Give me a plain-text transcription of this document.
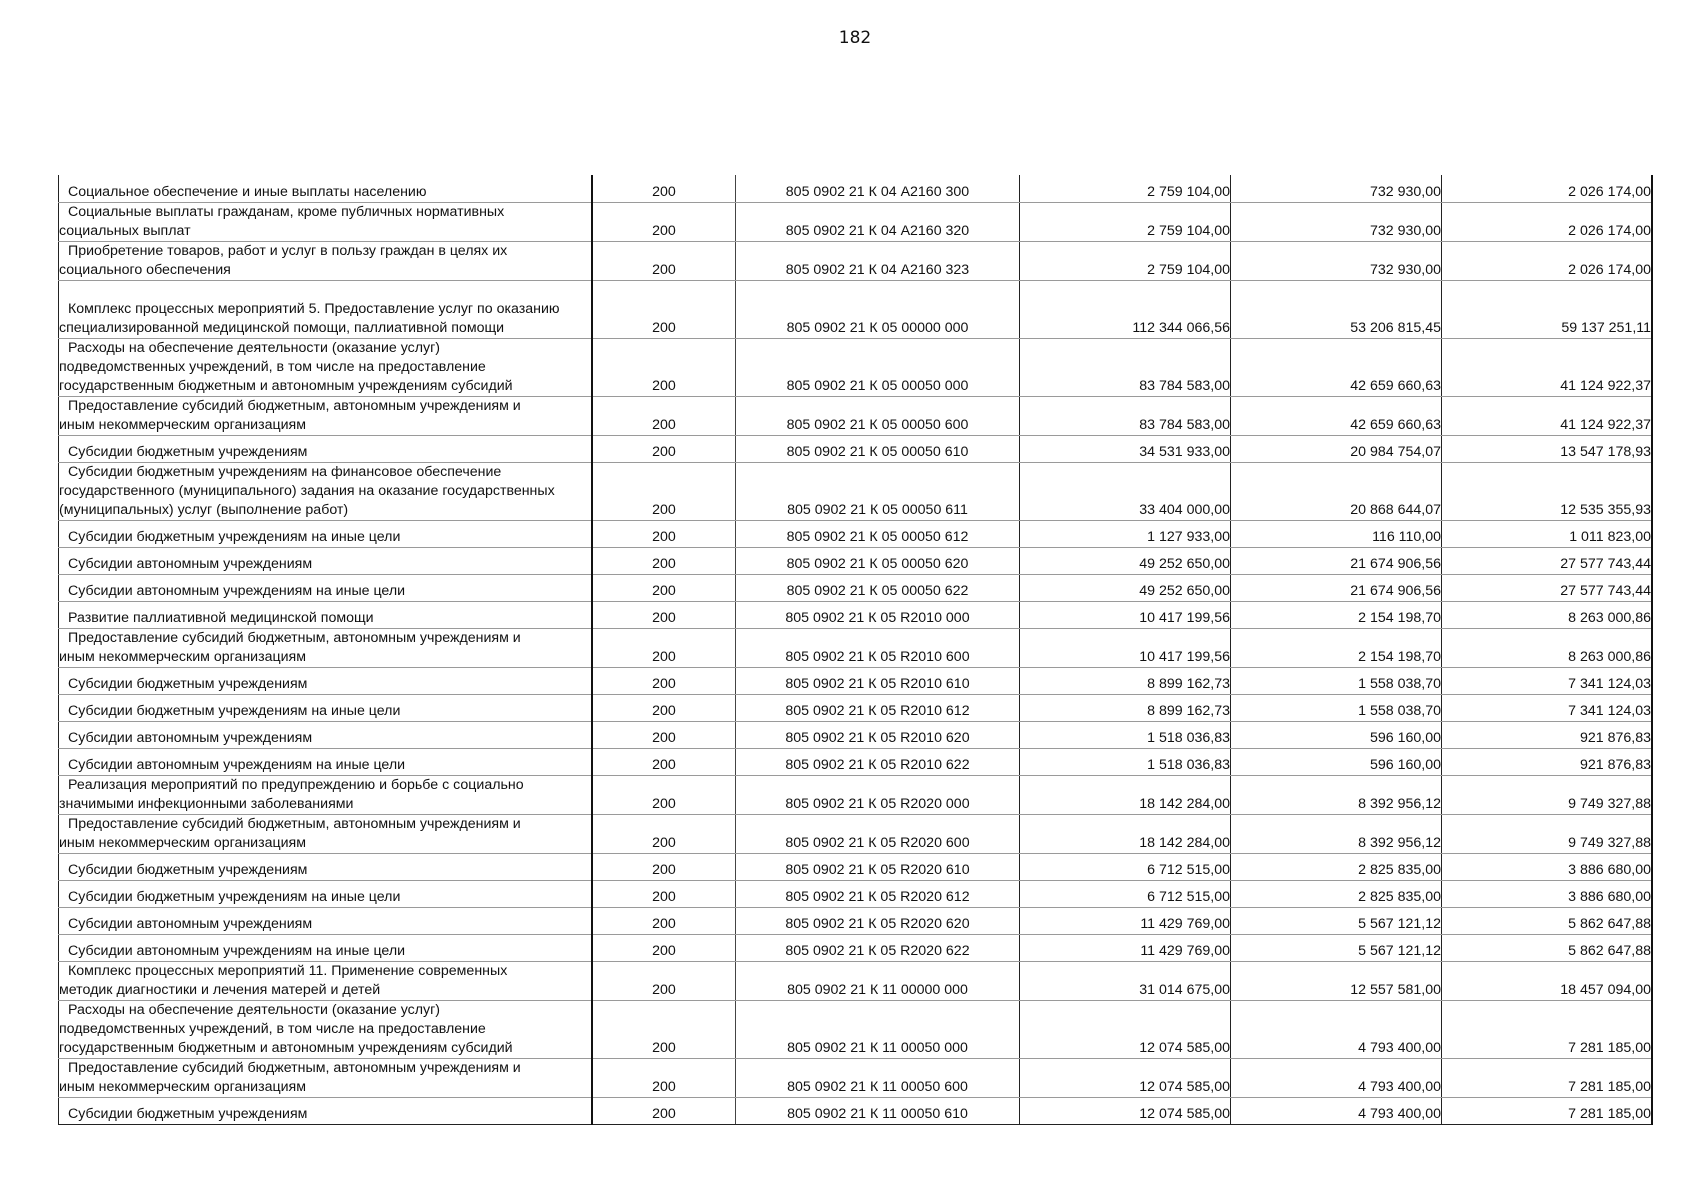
182
Социальное обеспечение и иные выплаты населению	200	805 0902 21 К 04 А2160 300	2 759 104,00	732 930,00	2 026 174,00

Социальные выплаты гражданам, кроме публичных нормативных
социальных выплат	200	805 0902 21 К 04 А2160 320	2 759 104,00	732 930,00	2 026 174,00

Приобретение товаров, работ и услуг в пользу граждан в целях их
социального обеспечения	200	805 0902 21 К 04 А2160 323	2 759 104,00	732 930,00	2 026 174,00

Комплекс процессных мероприятий 5. Предоставление услуг по оказанию
специализированной медицинской помощи, паллиативной помощи	200	805 0902 21 К 05 00000 000	112 344 066,56	53 206 815,45	59 137 251,11

Расходы на обеспечение деятельности (оказание услуг)
подведомственных учреждений, в том числе на предоставление
государственным бюджетным и автономным учреждениям субсидий	200	805 0902 21 К 05 00050 000	83 784 583,00	42 659 660,63	41 124 922,37

Предоставление субсидий бюджетным, автономным учреждениям и
иным некоммерческим организациям	200	805 0902 21 К 05 00050 600	83 784 583,00	42 659 660,63	41 124 922,37

Субсидии бюджетным учреждениям	200	805 0902 21 К 05 00050 610	34 531 933,00	20 984 754,07	13 547 178,93

Субсидии бюджетным учреждениям на финансовое обеспечение
государственного (муниципального) задания на оказание государственных
(муниципальных) услуг (выполнение работ)	200	805 0902 21 К 05 00050 611	33 404 000,00	20 868 644,07	12 535 355,93

Субсидии бюджетным учреждениям на иные цели	200	805 0902 21 К 05 00050 612	1 127 933,00	116 110,00	1 011 823,00

Субсидии автономным учреждениям	200	805 0902 21 К 05 00050 620	49 252 650,00	21 674 906,56	27 577 743,44

Субсидии автономным учреждениям на иные цели	200	805 0902 21 К 05 00050 622	49 252 650,00	21 674 906,56	27 577 743,44

Развитие паллиативной медицинской помощи	200	805 0902 21 К 05 R2010 000	10 417 199,56	2 154 198,70	8 263 000,86

Предоставление субсидий бюджетным, автономным учреждениям и
иным некоммерческим организациям	200	805 0902 21 К 05 R2010 600	10 417 199,56	2 154 198,70	8 263 000,86

Субсидии бюджетным учреждениям	200	805 0902 21 К 05 R2010 610	8 899 162,73	1 558 038,70	7 341 124,03

Субсидии бюджетным учреждениям на иные цели	200	805 0902 21 К 05 R2010 612	8 899 162,73	1 558 038,70	7 341 124,03

Субсидии автономным учреждениям	200	805 0902 21 К 05 R2010 620	1 518 036,83	596 160,00	921 876,83

Субсидии автономным учреждениям на иные цели	200	805 0902 21 К 05 R2010 622	1 518 036,83	596 160,00	921 876,83

Реализация мероприятий по предупреждению и борьбе с социально
значимыми инфекционными заболеваниями	200	805 0902 21 К 05 R2020 000	18 142 284,00	8 392 956,12	9 749 327,88

Предоставление субсидий бюджетным, автономным учреждениям и
иным некоммерческим организациям	200	805 0902 21 К 05 R2020 600	18 142 284,00	8 392 956,12	9 749 327,88

Субсидии бюджетным учреждениям	200	805 0902 21 К 05 R2020 610	6 712 515,00	2 825 835,00	3 886 680,00

Субсидии бюджетным учреждениям на иные цели	200	805 0902 21 К 05 R2020 612	6 712 515,00	2 825 835,00	3 886 680,00

Субсидии автономным учреждениям	200	805 0902 21 К 05 R2020 620	11 429 769,00	5 567 121,12	5 862 647,88

Субсидии автономным учреждениям на иные цели	200	805 0902 21 К 05 R2020 622	11 429 769,00	5 567 121,12	5 862 647,88

Комплекс процессных мероприятий 11. Применение современных
методик диагностики и лечения матерей и детей	200	805 0902 21 К 11 00000 000	31 014 675,00	12 557 581,00	18 457 094,00

Расходы на обеспечение деятельности (оказание услуг)
подведомственных учреждений, в том числе на предоставление
государственным бюджетным и автономным учреждениям субсидий	200	805 0902 21 К 11 00050 000	12 074 585,00	4 793 400,00	7 281 185,00

Предоставление субсидий бюджетным, автономным учреждениям и
иным некоммерческим организациям	200	805 0902 21 К 11 00050 600	12 074 585,00	4 793 400,00	7 281 185,00

Субсидии бюджетным учреждениям	200	805 0902 21 К 11 00050 610	12 074 585,00	4 793 400,00	7 281 185,00
